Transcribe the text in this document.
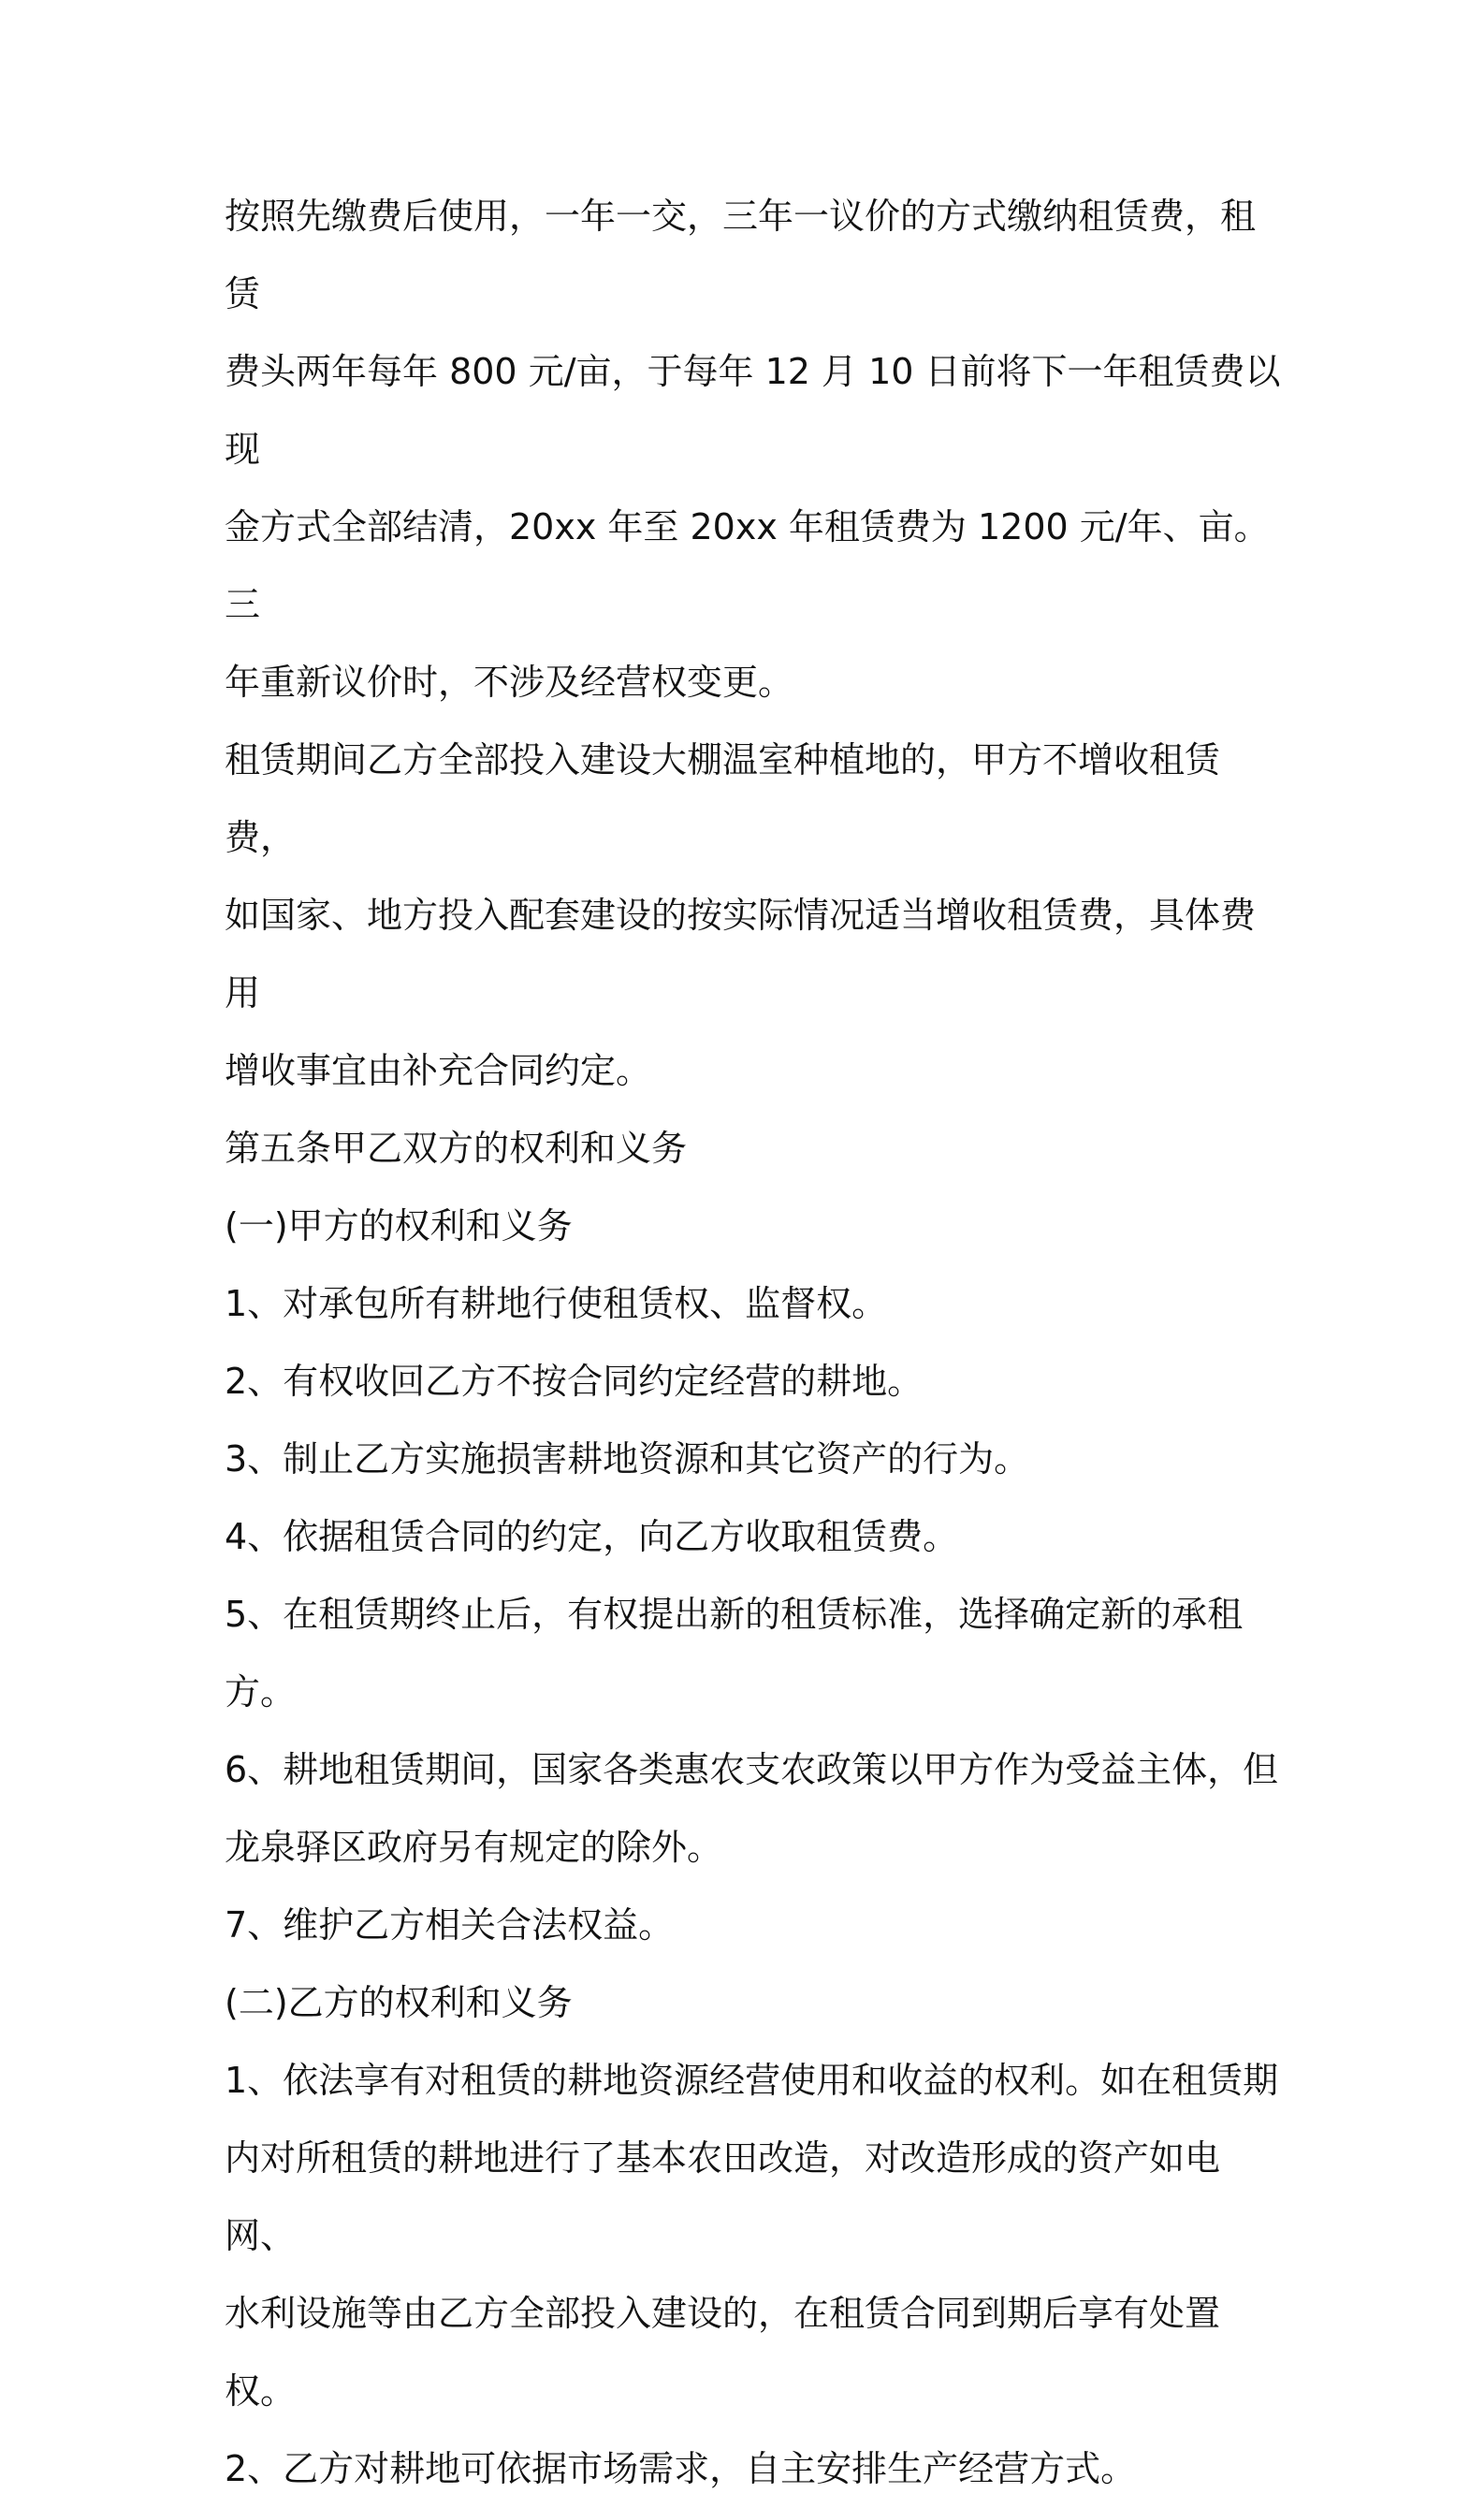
按照先缴费后使用，一年一交，三年一议价的方式缴纳租赁费，租赁

费头两年每年 800 元/亩，于每年 12 月 10 日前将下一年租赁费以现

金方式全部结清，20xx 年至 20xx 年租赁费为 1200 元/年、亩。三

年重新议价时，不涉及经营权变更。

租赁期间乙方全部投入建设大棚温室种植地的，甲方不增收租赁费，

如国家、地方投入配套建设的按实际情况适当增收租赁费，具体费用

增收事宜由补充合同约定。

第五条甲乙双方的权利和义务

(一)甲方的权利和义务

1、对承包所有耕地行使租赁权、监督权。

2、有权收回乙方不按合同约定经营的耕地。

3、制止乙方实施损害耕地资源和其它资产的行为。

4、依据租赁合同的约定，向乙方收取租赁费。

5、在租赁期终止后，有权提出新的租赁标准，选择确定新的承租方。

6、耕地租赁期间，国家各类惠农支农政策以甲方作为受益主体，但

龙泉驿区政府另有规定的除外。

7、维护乙方相关合法权益。

(二)乙方的权利和义务

1、依法享有对租赁的耕地资源经营使用和收益的权利。如在租赁期

内对所租赁的耕地进行了基本农田改造，对改造形成的资产如电网、

水利设施等由乙方全部投入建设的，在租赁合同到期后享有处置权。

2、乙方对耕地可依据市场需求，自主安排生产经营方式。
